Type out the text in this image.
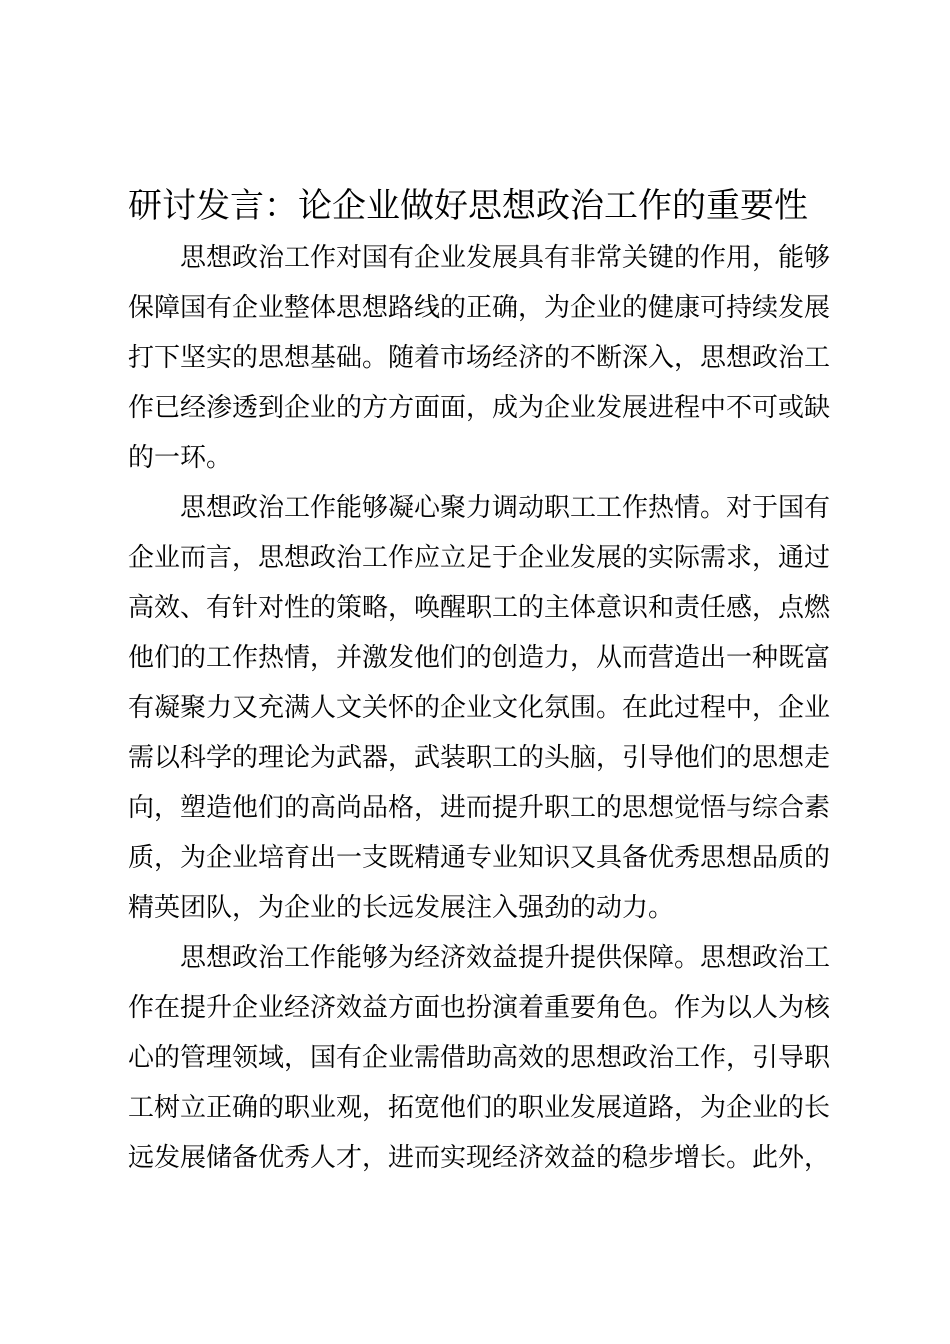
研讨发言：论企业做好思想政治工作的重要性

思想政治工作对国有企业发展具有非常关键的作用，能够保障国有企业整体思想路线的正确，为企业的健康可持续发展打下坚实的思想基础。随着市场经济的不断深入，思想政治工作已经渗透到企业的方方面面，成为企业发展进程中不可或缺的一环。

思想政治工作能够凝心聚力调动职工工作热情。对于国有企业而言，思想政治工作应立足于企业发展的实际需求，通过高效、有针对性的策略，唤醒职工的主体意识和责任感，点燃他们的工作热情，并激发他们的创造力，从而营造出一种既富有凝聚力又充满人文关怀的企业文化氛围。在此过程中，企业需以科学的理论为武器，武装职工的头脑，引导他们的思想走向，塑造他们的高尚品格，进而提升职工的思想觉悟与综合素质，为企业培育出一支既精通专业知识又具备优秀思想品质的精英团队，为企业的长远发展注入强劲的动力。

思想政治工作能够为经济效益提升提供保障。思想政治工作在提升企业经济效益方面也扮演着重要角色。作为以人为核心的管理领域，国有企业需借助高效的思想政治工作，引导职工树立正确的职业观，拓宽他们的职业发展道路，为企业的长远发展储备优秀人才，进而实现经济效益的稳步增长。此外，
